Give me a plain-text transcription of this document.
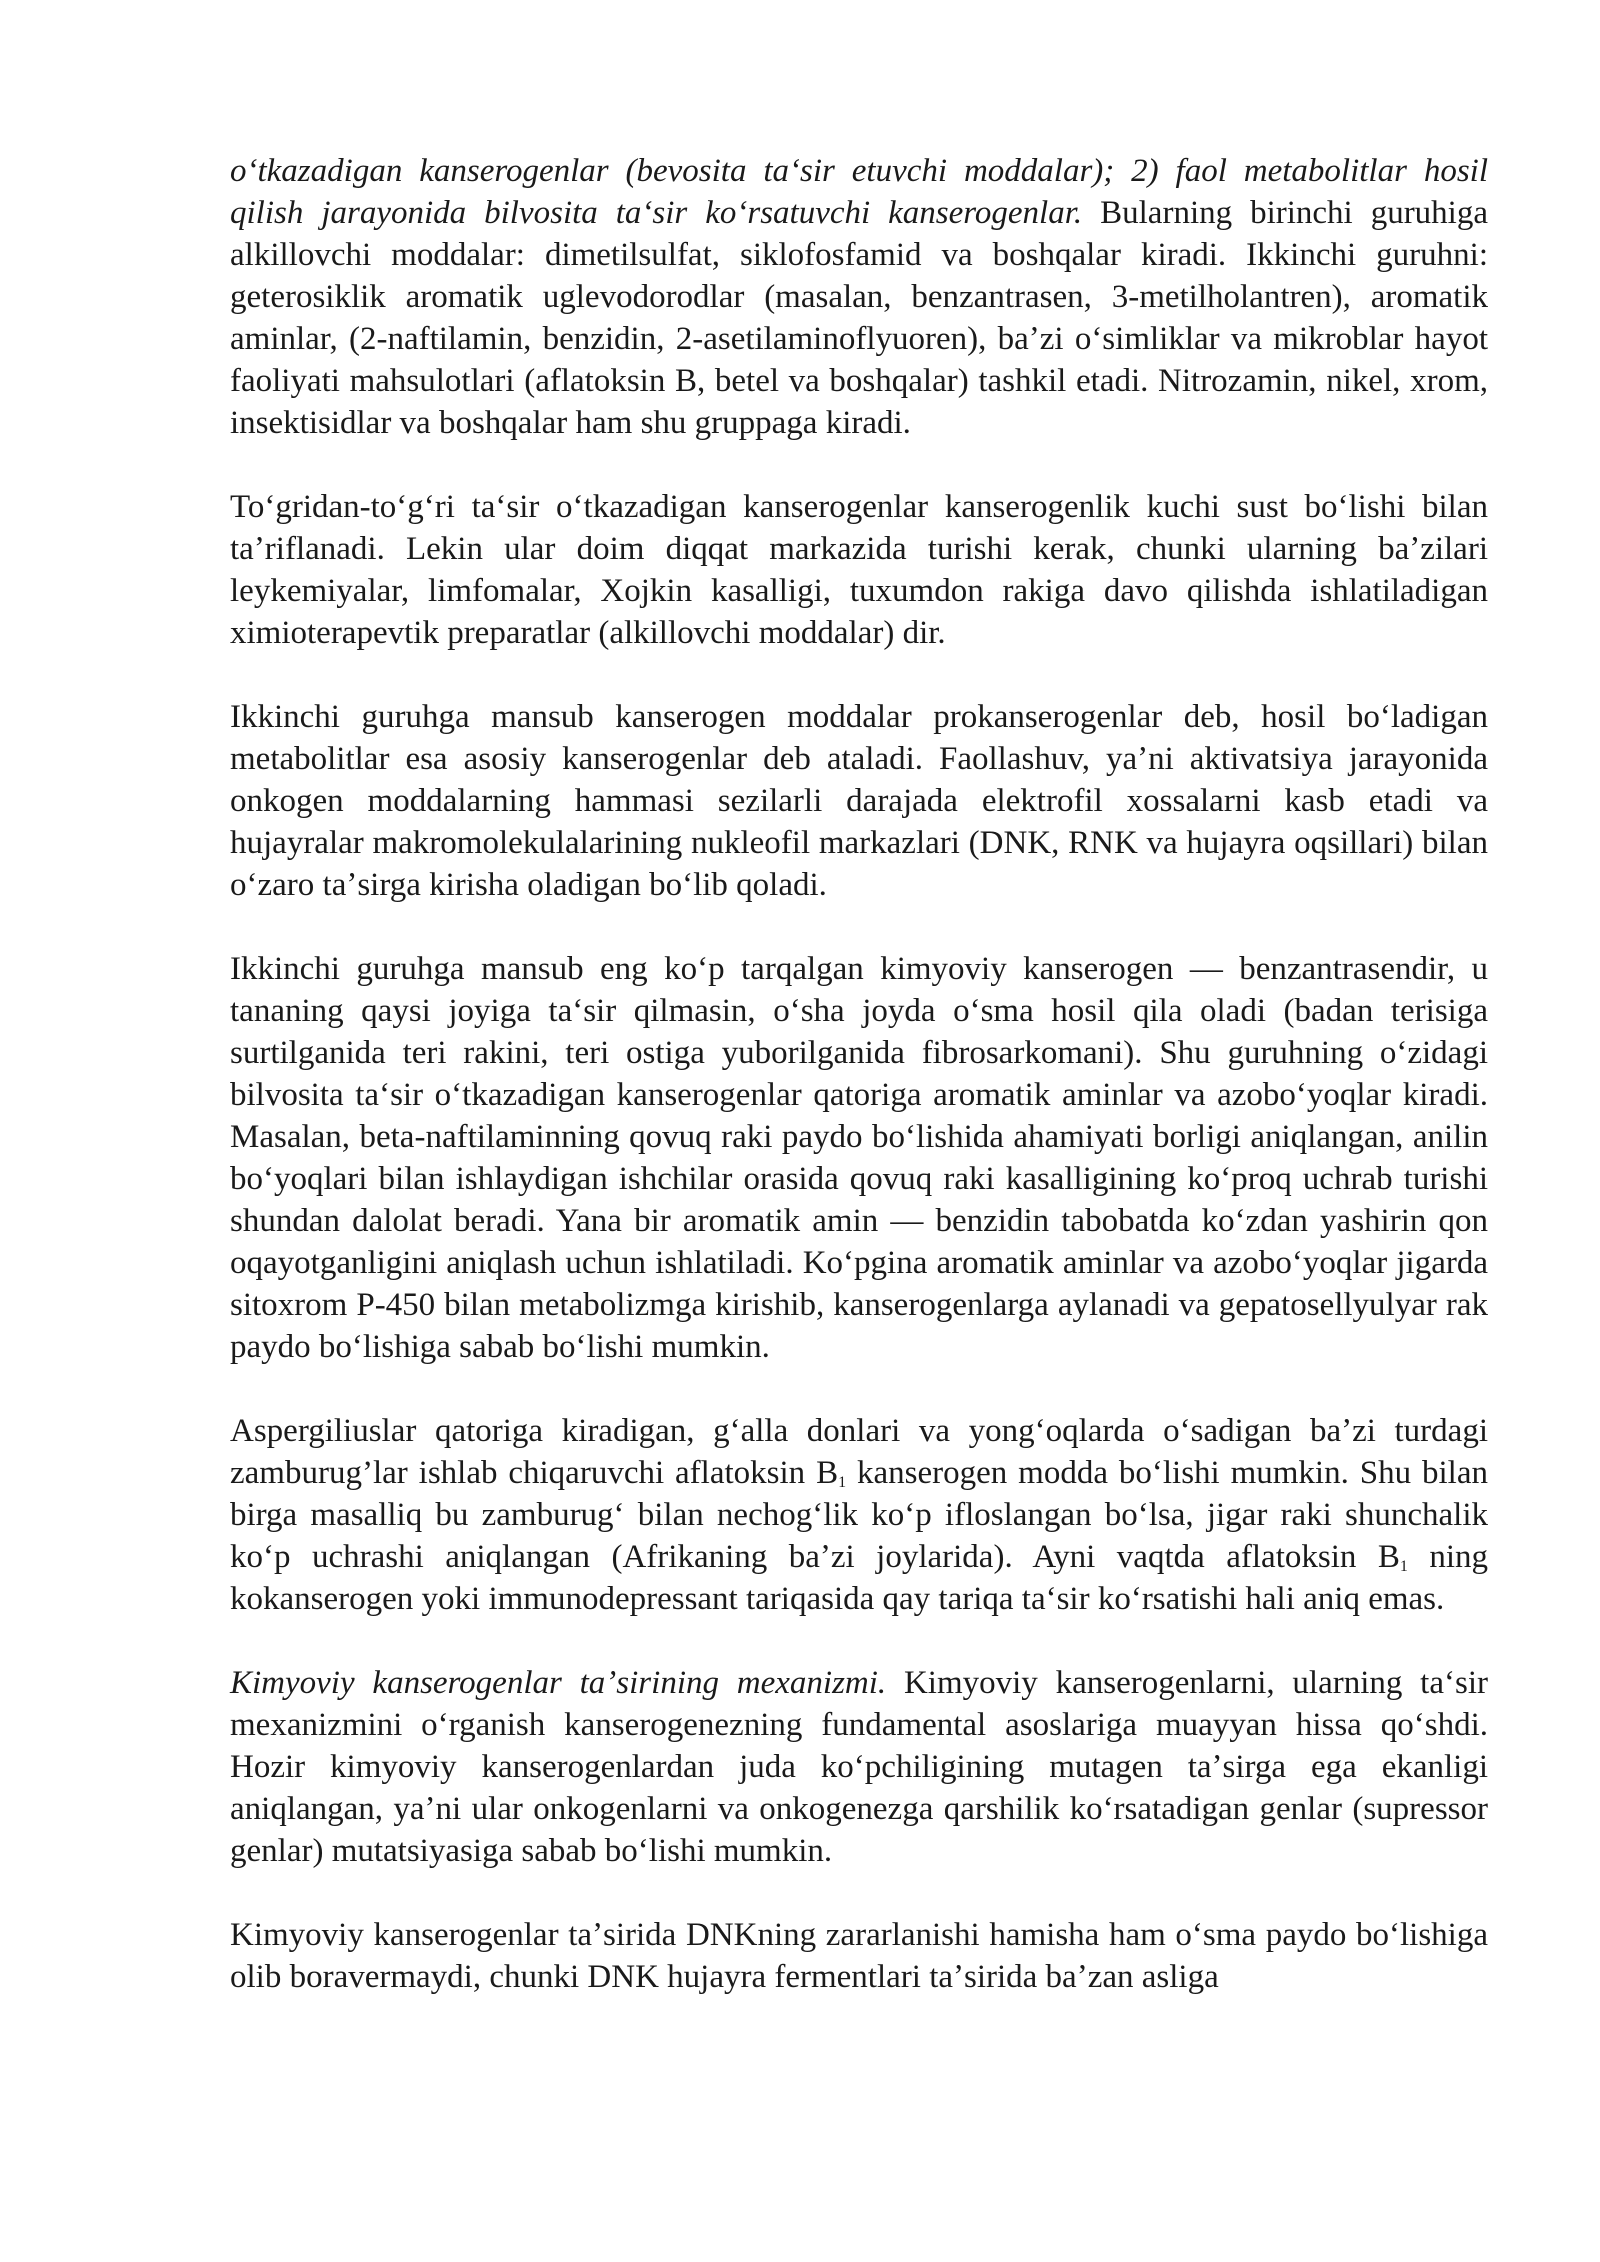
oʻtkazadigan kanserogenlar (bevosita taʻsir etuvchi moddalar); 2) faol metabolitlar hosil qilish jarayonida bilvosita taʻsir koʻrsatuvchi kanserogenlar. Bularning birinchi guruhiga alkillovchi moddalar: dimetilsulfat, siklofosfamid va boshqalar kiradi. Ikkinchi guruhni: geterosiklik aromatik uglevodorodlar (masalan, benzantrasen, 3-metilholantren), aromatik aminlar, (2-naftilamin, benzidin, 2-asetilaminoflyuoren), baʼzi oʻsimliklar va mikroblar hayot faoliyati mahsulotlari (aflatoksin B, betel va boshqalar) tashkil etadi. Nitrozamin, nikel, xrom, insektisidlar va boshqalar ham shu gruppaga kiradi.

Toʻgridan-toʻgʻri taʻsir oʻtkazadigan kanserogenlar kanserogenlik kuchi sust boʻlishi bilan taʼriflanadi. Lekin ular doim diqqat markazida turishi kerak, chunki ularning baʼzilari leykemiyalar, limfomalar, Xojkin kasalligi, tuxumdon rakiga davo qilishda ishlatiladigan ximioterapevtik preparatlar (alkillovchi moddalar) dir.

Ikkinchi guruhga mansub kanserogen moddalar prokanserogenlar deb, hosil boʻladigan metabolitlar esa asosiy kanserogenlar deb ataladi. Faollashuv, yaʼni aktivatsiya jarayonida onkogen moddalarning hammasi sezilarli darajada elektrofil xossalarni kasb etadi va hujayralar makromolekulalarining nukleofil markazlari (DNK, RNK va hujayra oqsillari) bilan oʻzaro taʼsirga kirisha oladigan boʻlib qoladi.

Ikkinchi guruhga mansub eng koʻp tarqalgan kimyoviy kanserogen — benzantrasendir, u tananing qaysi joyiga taʻsir qilmasin, oʻsha joyda oʻsma hosil qila oladi (badan terisiga surtilganida teri rakini, teri ostiga yuborilganida fibrosarkomani). Shu guruhning oʻzidagi bilvosita taʻsir oʻtkazadigan kanserogenlar qatoriga aromatik aminlar va azoboʻyoqlar kiradi. Masalan, beta-naftilaminning qovuq raki paydo boʻlishida ahamiyati borligi aniqlangan, anilin boʻyoqlari bilan ishlaydigan ishchilar orasida qovuq raki kasalligining koʻproq uchrab turishi shundan dalolat beradi. Yana bir aromatik amin — benzidin tabobatda koʻzdan yashirin qon oqayotganligini aniqlash uchun ishlatiladi. Koʻpgina aromatik aminlar va azoboʻyoqlar jigarda sitoxrom P-450 bilan metabolizmga kirishib, kanserogenlarga aylanadi va gepatosellyulyar rak paydo boʻlishiga sabab boʻlishi mumkin.

Aspergiliuslar qatoriga kiradigan, gʻalla donlari va yongʻoqlarda oʻsadigan baʼzi turdagi zamburug’lar ishlab chiqaruvchi aflatoksin $B_1$ kanserogen modda boʻlishi mumkin. Shu bilan birga masalliq bu zamburugʻ bilan nechogʻlik koʻp ifloslangan boʻlsa, jigar raki shunchalik koʻp uchrashi aniqlangan (Afrikaning baʼzi joylarida). Ayni vaqtda aflatoksin $B_1$ ning kokanserogen yoki immunodepressant tariqasida qay tariqa taʻsir koʻrsatishi hali aniq emas.

Kimyoviy kanserogenlar taʼsirining mexanizmi. Kimyoviy kanserogenlarni, ularning taʻsir mexanizmini oʻrganish kanserogenezning fundamental asoslariga muayyan hissa qoʻshdi. Hozir kimyoviy kanserogenlardan juda koʻpchiligining mutagen taʼsirga ega ekanligi aniqlangan, yaʼni ular onkogenlarni va onkogenezga qarshilik koʻrsatadigan genlar (supressor genlar) mutatsiyasiga sabab boʻlishi mumkin.

Kimyoviy kanserogenlar taʼsirida DNKning zararlanishi hamisha ham oʻsma paydo boʻlishiga olib boravermaydi, chunki DNK hujayra fermentlari taʼsirida baʼzan asliga
